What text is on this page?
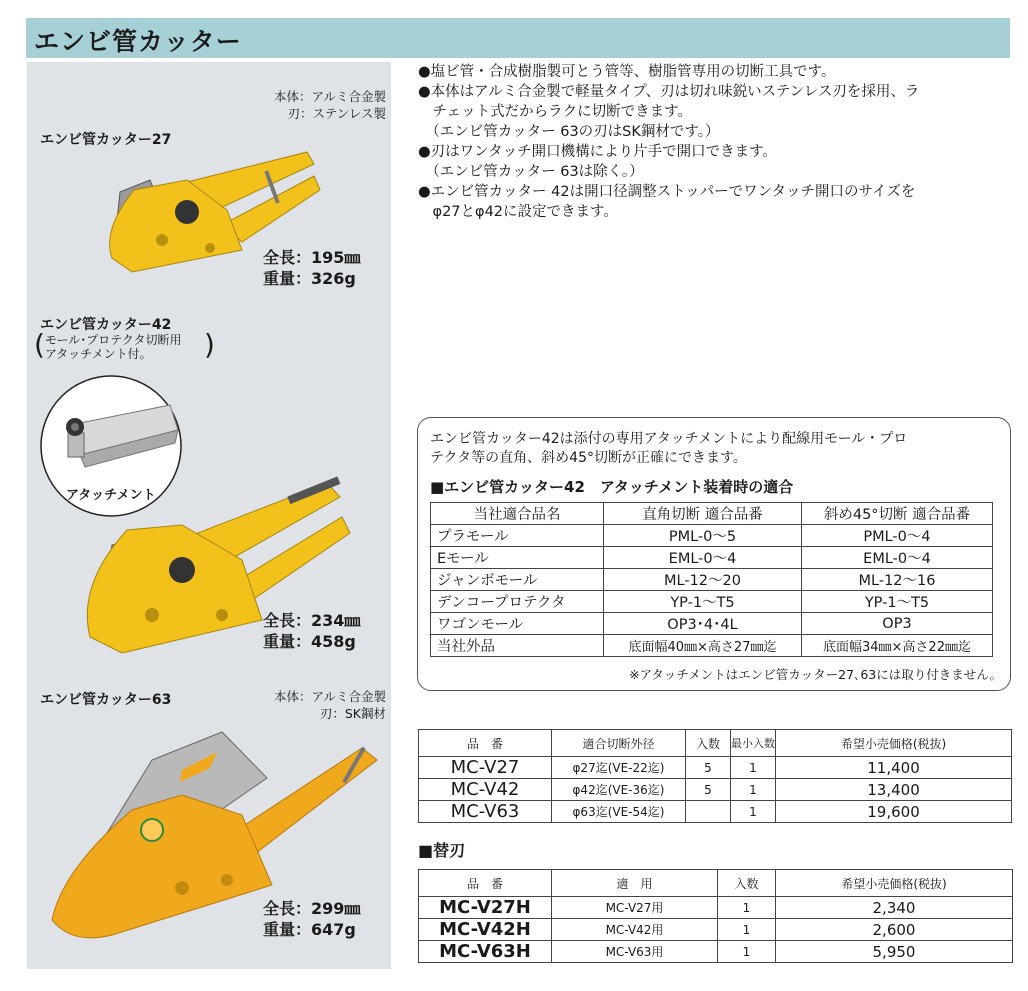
エンビ管カッター
本体：アルミ合金製
刃：ステンレス製
エンビ管カッター27
全長：195㎜
重量：326g
エンビ管カッター42
( モール･プロテクタ切断用
アタッチメント付。 )
アタッチメント
全長：234㎜
重量：458g
エンビ管カッター63	本体：アルミ合金製
刃：SK鋼材
全長：299㎜
重量：647g
●塩ビ管・合成樹脂製可とう管等、樹脂管専用の切断工具です。
●本体はアルミ合金製で軽量タイプ、刃は切れ味鋭いステンレス刃を採用、ラ
　チェット式だからラクに切断できます。
　（エンビ管カッター 63の刃はSK鋼材です。）
●刃はワンタッチ開口機構により片手で開口できます。
　（エンビ管カッター 63は除く。）
●エンビ管カッター 42は開口径調整ストッパーでワンタッチ開口のサイズを
　φ27とφ42に設定できます。
エンビ管カッター42は添付の専用アタッチメントにより配線用モール・プロ
テクタ等の直角、斜め45°切断が正確にできます。
■エンビ管カッター42　アタッチメント装着時の適合
当社適合品名	直角切断 適合品番	斜め45°切断 適合品番
プラモール	PML-0～5	PML-0～4
Eモール	EML-0～4	EML-0～4
ジャンボモール	ML-12～20	ML-12～16
デンコープロテクタ	YP-1～T5	YP-1～T5
ワゴンモール	OP3･4･4L	OP3
当社外品	底面幅40㎜×高さ27㎜迄	底面幅34㎜×高さ22㎜迄
※アタッチメントはエンビ管カッター27､63には取り付きません。
品　番	適合切断外径	入数	最小入数	希望小売価格(税抜)
MC-V27	φ27迄(VE-22迄)	5	1	11,400
MC-V42	φ42迄(VE-36迄)	5	1	13,400
MC-V63	φ63迄(VE-54迄)		1	19,600
■替刃
品　番	適　用	入数	希望小売価格(税抜)
MC-V27H	MC-V27用	1	2,340
MC-V42H	MC-V42用	1	2,600
MC-V63H	MC-V63用	1	5,950
